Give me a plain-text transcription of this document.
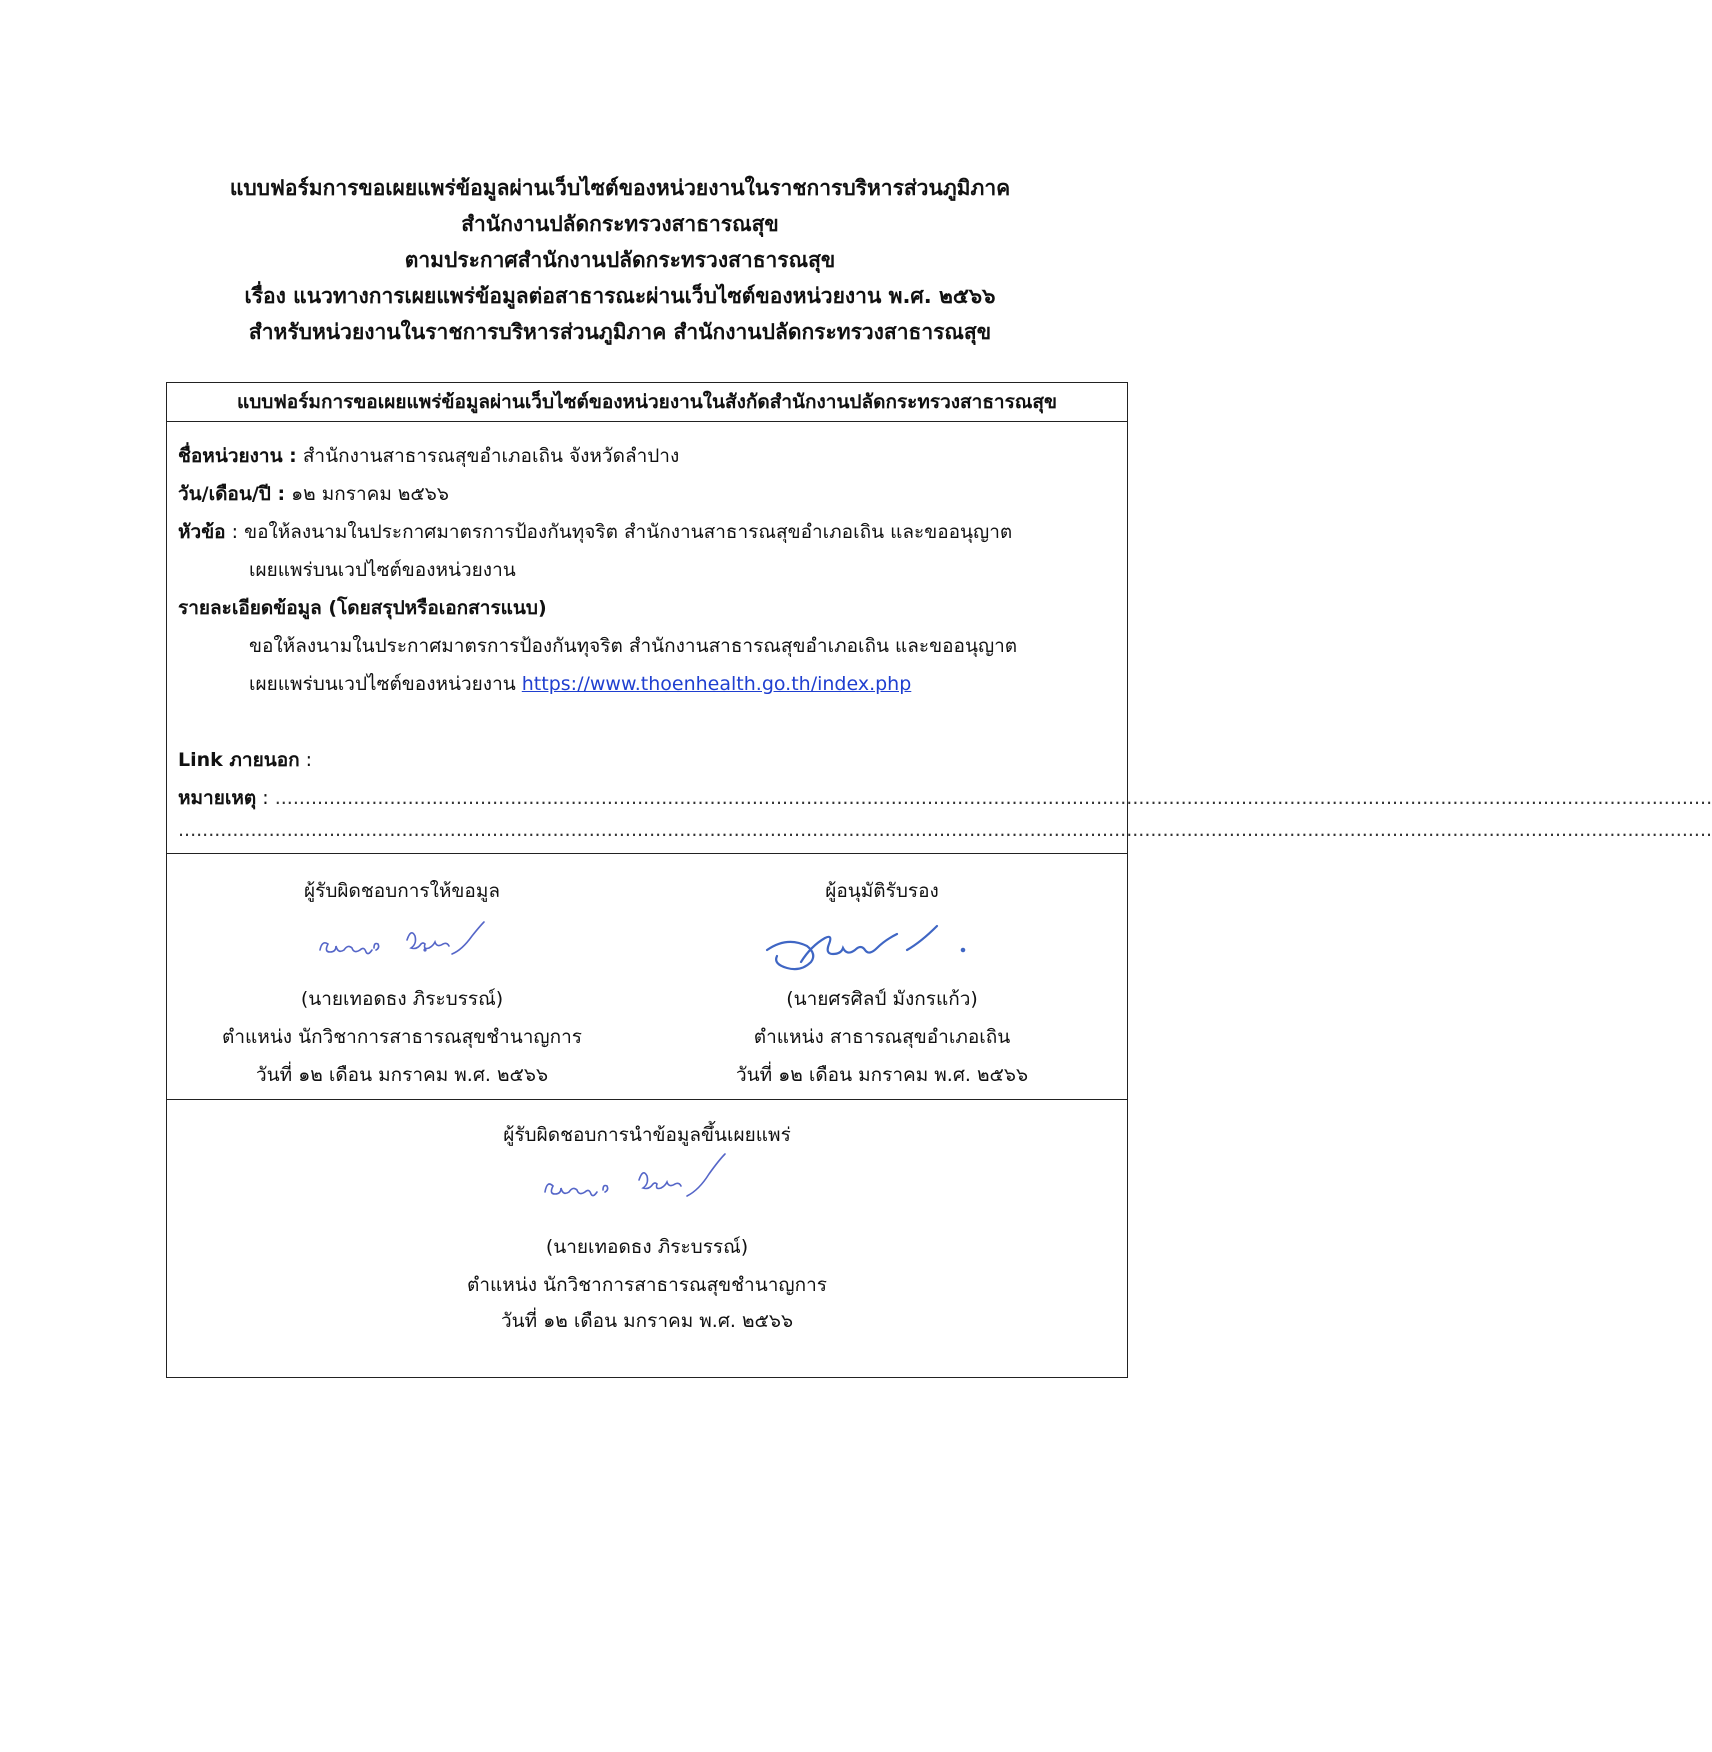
แบบฟอร์มการขอเผยแพร่ข้อมูลผ่านเว็บไซต์ของหน่วยงานในราชการบริหารส่วนภูมิภาค
สำนักงานปลัดกระทรวงสาธารณสุข
ตามประกาศสำนักงานปลัดกระทรวงสาธารณสุข
เรื่อง แนวทางการเผยแพร่ข้อมูลต่อสาธารณะผ่านเว็บไซต์ของหน่วยงาน พ.ศ. ๒๕๖๖
สำหรับหน่วยงานในราชการบริหารส่วนภูมิภาค สำนักงานปลัดกระทรวงสาธารณสุข
แบบฟอร์มการขอเผยแพร่ข้อมูลผ่านเว็บไซต์ของหน่วยงานในสังกัดสำนักงานปลัดกระทรวงสาธารณสุข
ชื่อหน่วยงาน : สำนักงานสาธารณสุขอำเภอเถิน จังหวัดลำปาง
วัน/เดือน/ปี : ๑๒ มกราคม ๒๕๖๖
หัวข้อ : ขอให้ลงนามในประกาศมาตรการป้องกันทุจริต สำนักงานสาธารณสุขอำเภอเถิน และขออนุญาต
เผยแพร่บนเวปไซต์ของหน่วยงาน
รายละเอียดข้อมูล (โดยสรุปหรือเอกสารแนบ)
ขอให้ลงนามในประกาศมาตรการป้องกันทุจริต สำนักงานสาธารณสุขอำเภอเถิน และขออนุญาต
เผยแพร่บนเวปไซต์ของหน่วยงาน https://www.thoenhealth.go.th/index.php
Link ภายนอก :
หมายเหตุ : ..............................................................................................................................................................................................................................................
..............................................................................................................................................................................................................................................................
ผู้รับผิดชอบการให้ขอมูล
(นายเทอดธง ภิระบรรณ์)
ตำแหน่ง นักวิชาการสาธารณสุขชำนาญการ
วันที่ ๑๒ เดือน มกราคม พ.ศ. ๒๕๖๖
ผู้อนุมัติรับรอง
(นายศรศิลป์ มังกรแก้ว)
ตำแหน่ง สาธารณสุขอำเภอเถิน
วันที่ ๑๒ เดือน มกราคม พ.ศ. ๒๕๖๖
ผู้รับผิดชอบการนำข้อมูลขึ้นเผยแพร่
(นายเทอดธง ภิระบรรณ์)
ตำแหน่ง นักวิชาการสาธารณสุขชำนาญการ
วันที่ ๑๒ เดือน มกราคม พ.ศ. ๒๕๖๖
